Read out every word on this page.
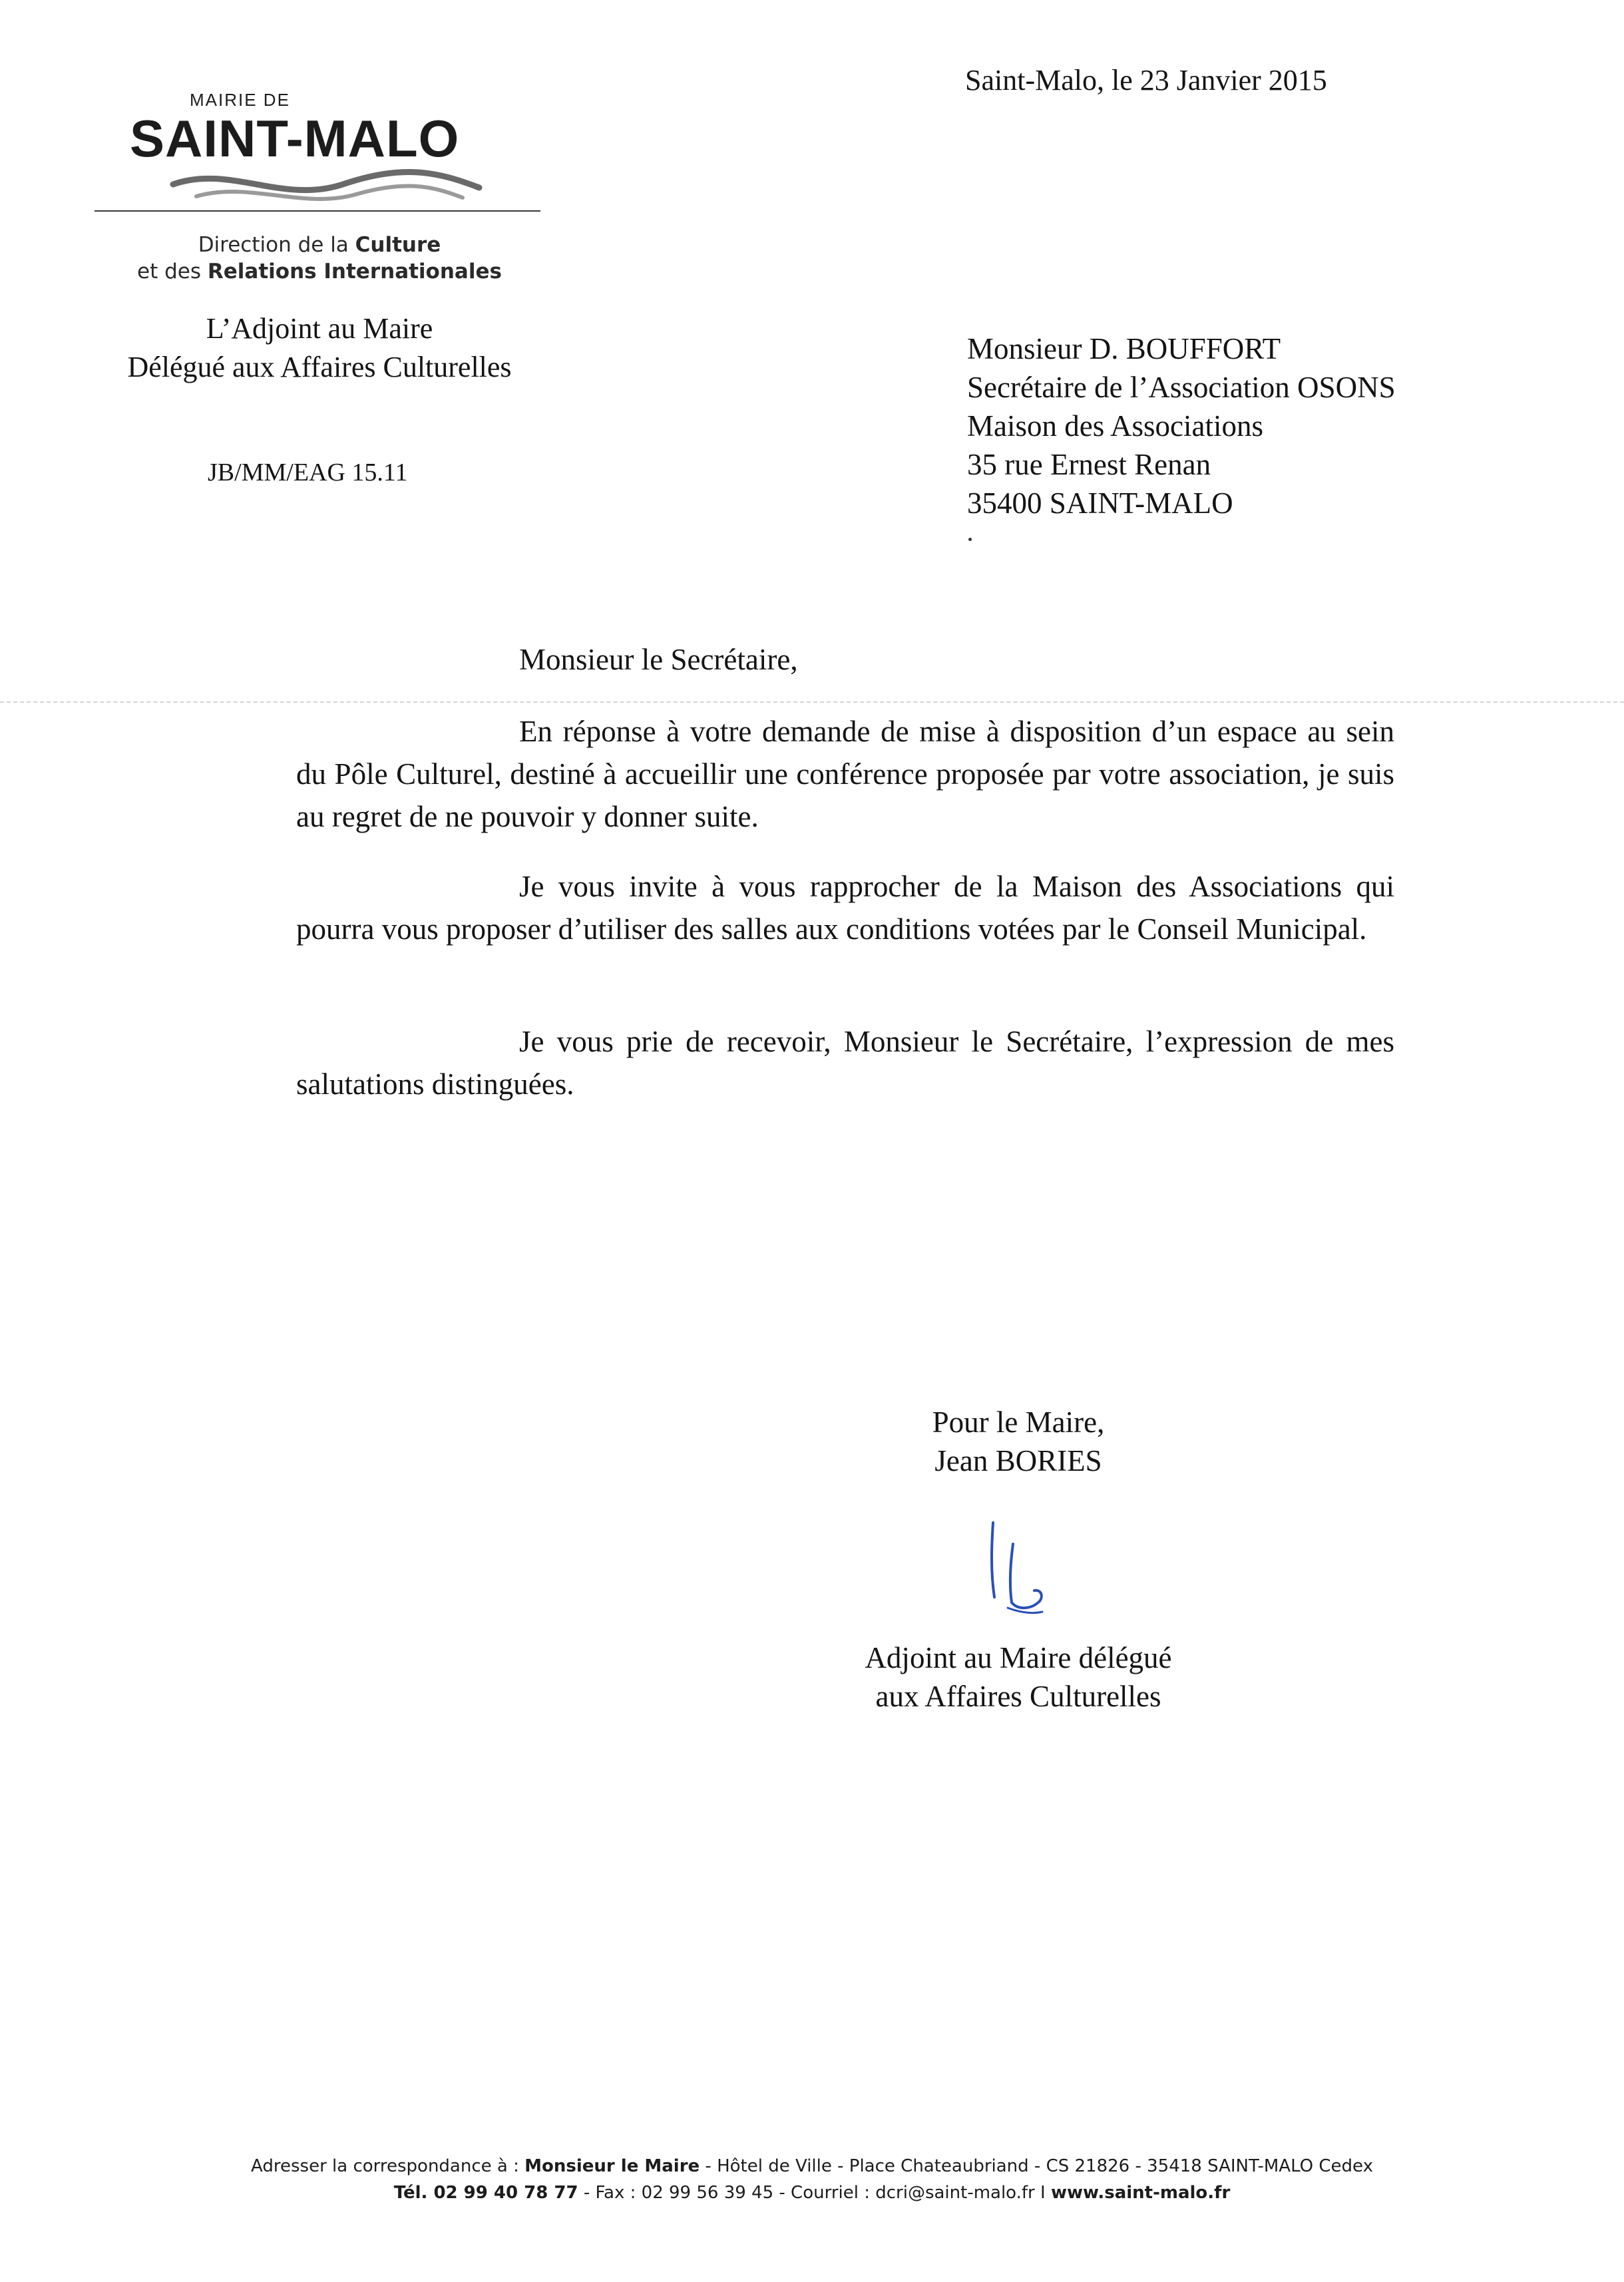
MAIRIE DE
SAINT-MALO
Direction de la Culture
et des Relations Internationales
L’Adjoint au Maire
Délégué aux Affaires Culturelles
JB/MM/EAG 15.11
Saint-Malo, le 23 Janvier 2015
Monsieur D. BOUFFORT
Secrétaire de l’Association OSONS
Maison des Associations
35 rue Ernest Renan
35400 SAINT-MALO
Monsieur le Secrétaire,
En réponse à votre demande de mise à disposition d’un espace au sein du Pôle Culturel, destiné à accueillir une conférence proposée par votre association, je suis au regret de ne pouvoir y donner suite.
Je vous invite à vous rapprocher de la Maison des Associations qui pourra vous proposer d’utiliser des salles aux conditions votées par le Conseil Municipal.
Je vous prie de recevoir, Monsieur le Secrétaire, l’expression de mes salutations distinguées.
Pour le Maire,
Jean BORIES
Adjoint au Maire délégué
aux Affaires Culturelles
Adresser la correspondance à : Monsieur le Maire - Hôtel de Ville - Place Chateaubriand - CS 21826 - 35418 SAINT-MALO Cedex
Tél. 02 99 40 78 77 - Fax : 02 99 56 39 45 - Courriel : dcri@saint-malo.fr I www.saint-malo.fr
